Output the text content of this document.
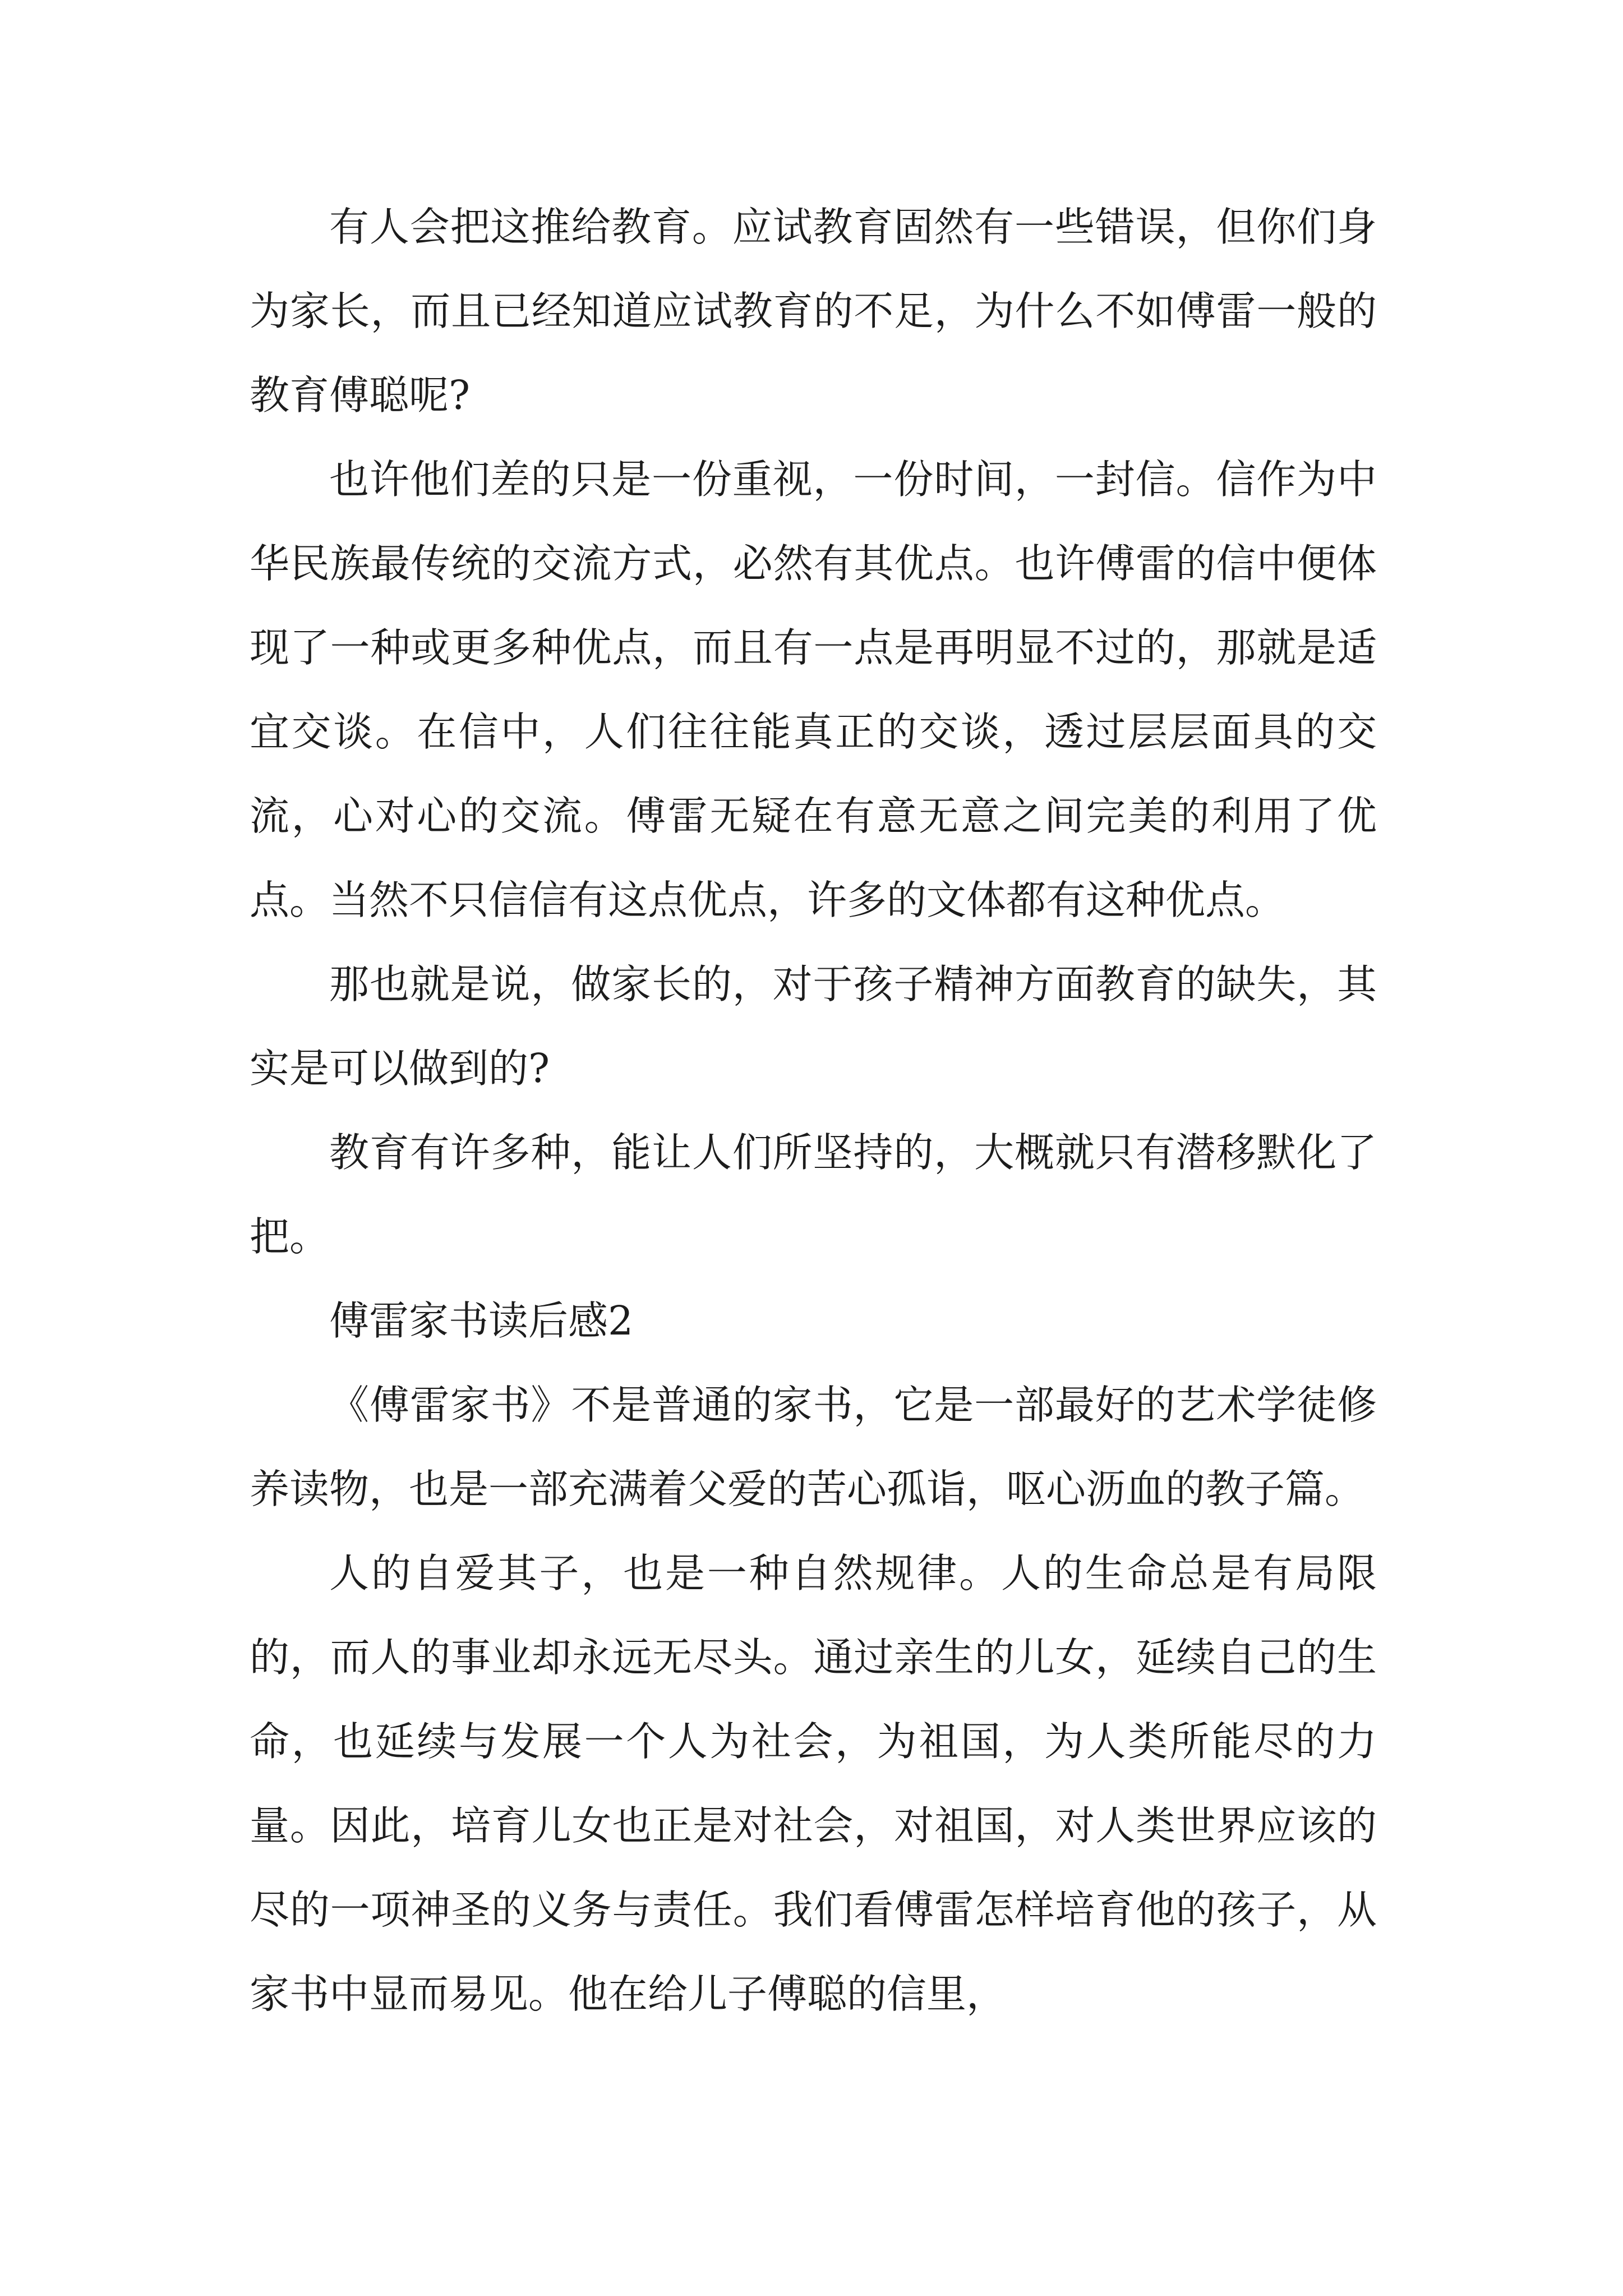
有人会把这推给教育。应试教育固然有一些错误，但你们身为家长，而且已经知道应试教育的不足，为什么不如傅雷一般的教育傅聪呢?

也许他们差的只是一份重视，一份时间，一封信。信作为中华民族最传统的交流方式，必然有其优点。也许傅雷的信中便体现了一种或更多种优点，而且有一点是再明显不过的，那就是适宜交谈。在信中，人们往往能真正的交谈，透过层层面具的交流，心对心的交流。傅雷无疑在有意无意之间完美的利用了优点。当然不只信信有这点优点，许多的文体都有这种优点。

那也就是说，做家长的，对于孩子精神方面教育的缺失，其实是可以做到的?

教育有许多种，能让人们所坚持的，大概就只有潜移默化了把。

傅雷家书读后感2

《傅雷家书》不是普通的家书，它是一部最好的艺术学徒修养读物，也是一部充满着父爱的苦心孤诣，呕心沥血的教子篇。

人的自爱其子，也是一种自然规律。人的生命总是有局限的，而人的事业却永远无尽头。通过亲生的儿女，延续自己的生命，也延续与发展一个人为社会，为祖国，为人类所能尽的力量。因此，培育儿女也正是对社会，对祖国，对人类世界应该的尽的一项神圣的义务与责任。我们看傅雷怎样培育他的孩子，从家书中显而易见。他在给儿子傅聪的信里，
